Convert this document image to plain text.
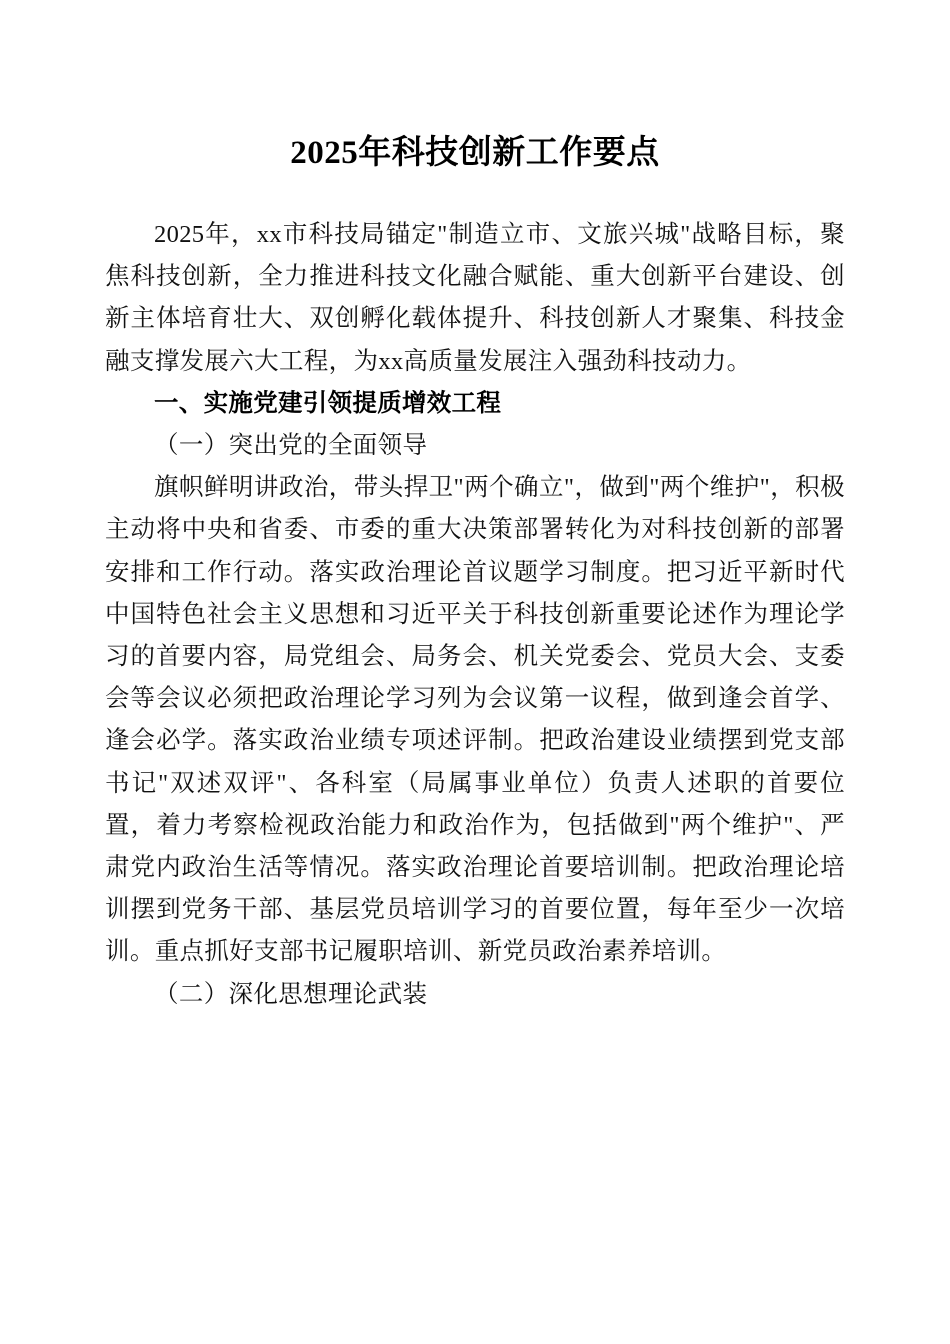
2025年科技创新工作要点

2025年，xx市科技局锚定"制造立市、文旅兴城"战略目标，聚焦科技创新，全力推进科技文化融合赋能、重大创新平台建设、创新主体培育壮大、双创孵化载体提升、科技创新人才聚集、科技金融支撑发展六大工程，为xx高质量发展注入强劲科技动力。

一、实施党建引领提质增效工程

（一）突出党的全面领导

旗帜鲜明讲政治，带头捍卫"两个确立"，做到"两个维护"，积极主动将中央和省委、市委的重大决策部署转化为对科技创新的部署安排和工作行动。落实政治理论首议题学习制度。把习近平新时代中国特色社会主义思想和习近平关于科技创新重要论述作为理论学习的首要内容，局党组会、局务会、机关党委会、党员大会、支委会等会议必须把政治理论学习列为会议第一议程，做到逢会首学、逢会必学。落实政治业绩专项述评制。把政治建设业绩摆到党支部书记"双述双评"、各科室（局属事业单位）负责人述职的首要位置，着力考察检视政治能力和政治作为，包括做到"两个维护"、严肃党内政治生活等情况。落实政治理论首要培训制。把政治理论培训摆到党务干部、基层党员培训学习的首要位置，每年至少一次培训。重点抓好支部书记履职培训、新党员政治素养培训。

（二）深化思想理论武装
